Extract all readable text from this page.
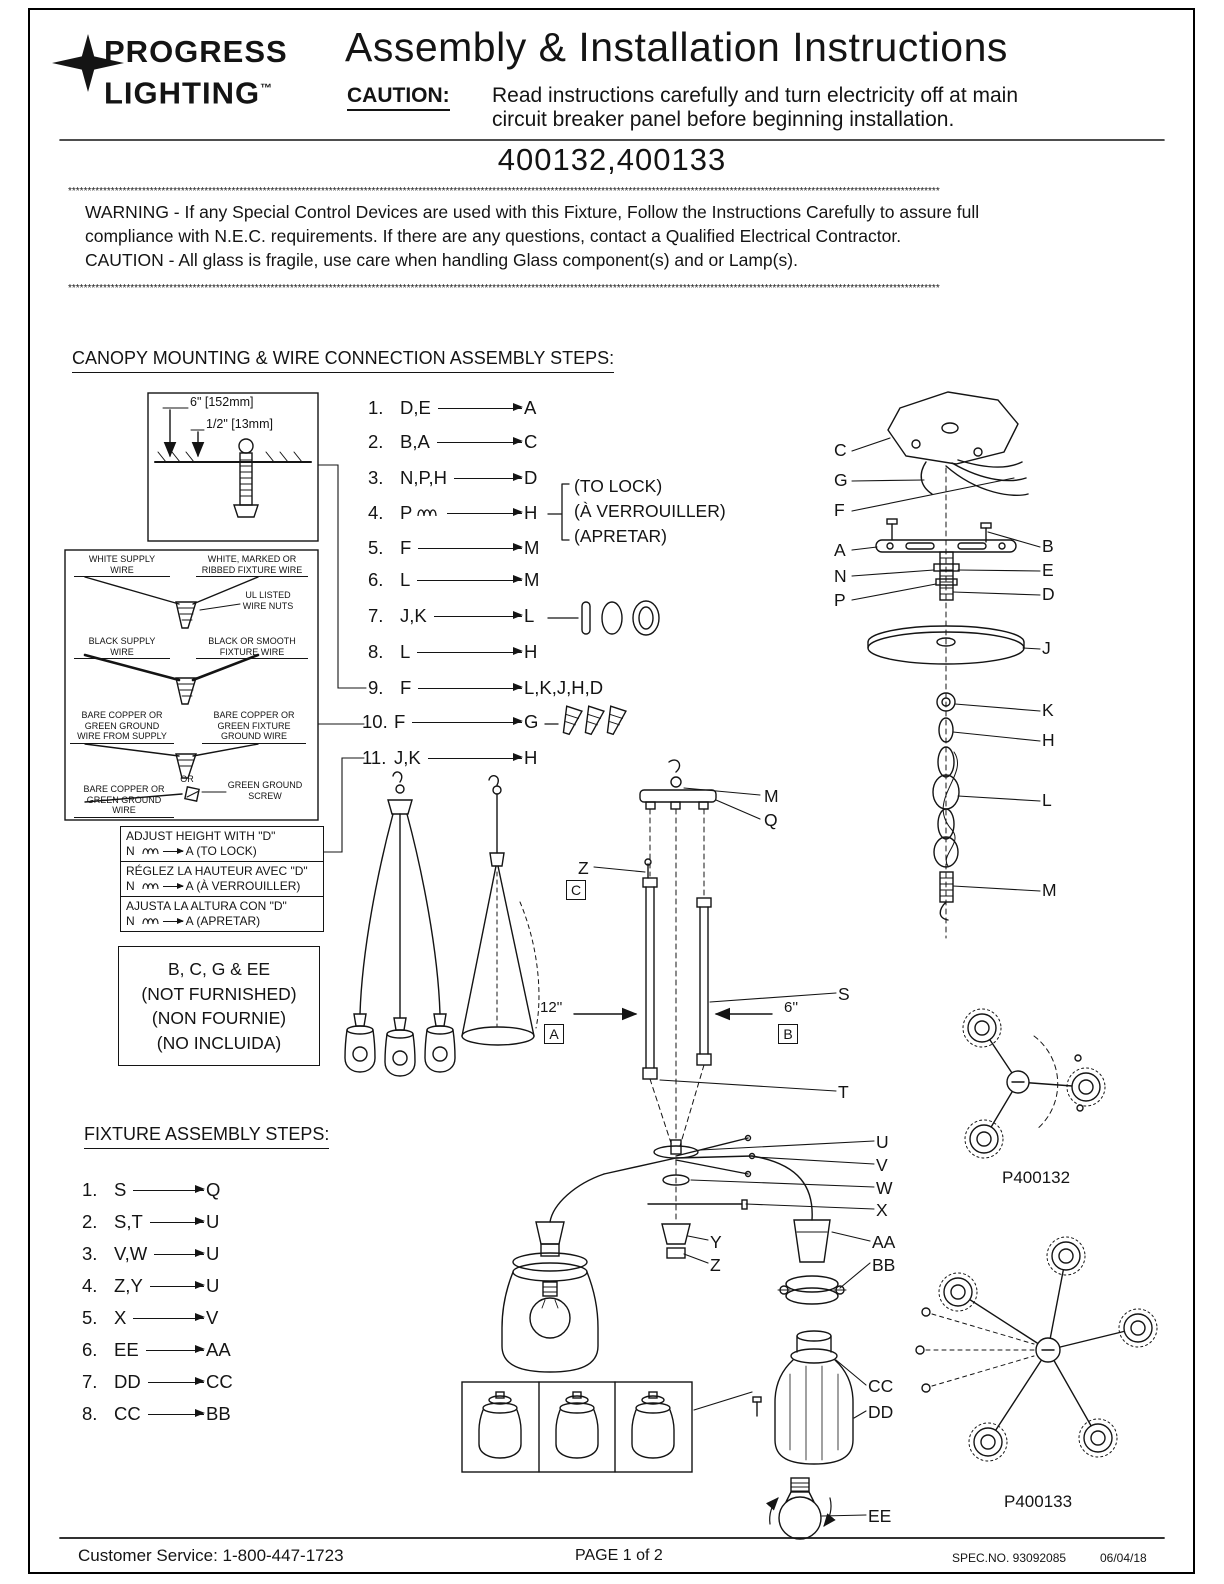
PROGRESS
LIGHTING™
Assembly & Installation Instructions
CAUTION: Read instructions carefully and turn electricity off at main
circuit breaker panel before beginning installation.
400132,400133
********************************************************************************************************************************************************************************************************************************
WARNING - If any Special Control Devices are used with this Fixture, Follow the Instructions Carefully to assure full
compliance with N.E.C. requirements. If there are any questions, contact a Qualified Electrical Contractor.
CAUTION - All glass is fragile, use care when handling Glass component(s) and or Lamp(s).
********************************************************************************************************************************************************************************************************************************
CANOPY MOUNTING & WIRE CONNECTION ASSEMBLY STEPS:
6" [152mm]
1/2" [13mm]
1. D,E	A
2. B,A	C
3. N,P,H	D
4. P	H
5. F	M
6. L	M
7. J,K	L
8. L	H
9. F	L,K,J,H,D
10. F	G
11. J,K	H
(TO LOCK)
(À VERROUILLER)
(APRETAR)
WHITE SUPPLY
WIRE
WHITE, MARKED OR
RIBBED FIXTURE WIRE
UL LISTED
WIRE NUTS
BLACK SUPPLY
WIRE
BLACK OR SMOOTH
FIXTURE WIRE
BARE COPPER OR
GREEN GROUND
WIRE FROM SUPPLY
BARE COPPER OR
GREEN FIXTURE
GROUND WIRE
OR
BARE COPPER OR
GREEN GROUND
WIRE
GREEN GROUND
SCREW
ADJUST HEIGHT WITH "D"
N	A (TO LOCK)
RÉGLEZ LA HAUTEUR AVEC "D"
N	A (À VERROUILLER)
AJUSTA LA ALTURA CON "D"
N	A (APRETAR)
B, C, G & EE
(NOT FURNISHED)
(NON FOURNIE)
(NO INCLUIDA)
FIXTURE ASSEMBLY STEPS:
1. S	Q
2. S,T	U
3. V,W	U
4. Z,Y	U
5. X	V
6. EE	AA
7. DD	CC
8. CC	BB
C
G
F
A
N
P
B
E
D
J
K
H
L
M
M
Q
Z
C
S
12''
A
6''
B
T
U
V
W
X
Y
Z
AA
BB
CC
DD
EE
P400132
P400133
Customer Service: 1-800-447-1723	PAGE 1 of 2	SPEC.NO. 93092085	06/04/18
